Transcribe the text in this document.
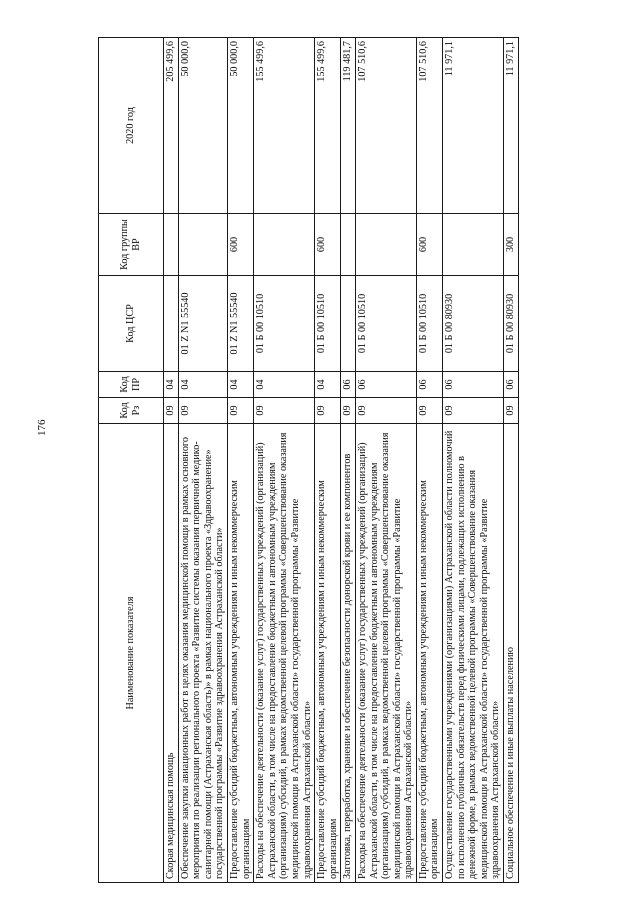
176
Наименование показателя	Код Рз	Код ПР	Код ЦСР	Код группы ВР	2020 год
Скорая медицинская помощь	09	04			205 499,6
Обеспечение закупки авиационных работ в целях оказания медицинской помощи в рамках основного мероприятия по реализации регионального проекта «Развитие системы оказания первичной медико-санитарной помощи (Астраханская область)» в рамках национального проекта «Здравоохранение» государственной программы «Развитие здравоохранения Астраханской области»	09	04	01 Z N1 55540		50 000,0
Предоставление субсидий бюджетным, автономным учреждениям и иным некоммерческим организациям	09	04	01 Z N1 55540	600	50 000,0
Расходы на обеспечение деятельности (оказание услуг) государственных учреждений (организаций) Астраханской области, в том числе на предоставление бюджетным и автономным учреждениям (организациям) субсидий, в рамках ведомственной целевой программы «Совершенствование оказания медицинской помощи в Астраханской области» государственной программы «Развитие здравоохранения Астраханской области»	09	04	01 Б 00 10510		155 499,6
Предоставление субсидий бюджетным, автономным учреждениям и иным некоммерческим организациям	09	04	01 Б 00 10510	600	155 499,6
Заготовка, переработка, хранение и обеспечение безопасности донорской крови и ее компонентов	09	06			119 481,7
Расходы на обеспечение деятельности (оказание услуг) государственных учреждений (организаций) Астраханской области, в том числе на предоставление бюджетным и автономным учреждениям (организациям) субсидий, в рамках ведомственной целевой программы «Совершенствование оказания медицинской помощи в Астраханской области» государственной программы «Развитие здравоохранения Астраханской области»	09	06	01 Б 00 10510		107 510,6
Предоставление субсидий бюджетным, автономным учреждениям и иным некоммерческим организациям	09	06	01 Б 00 10510	600	107 510,6
Осуществление государственными учреждениями (организациями) Астраханской области полномочий по исполнению публичных обязательств перед физическими лицами, подлежащих исполнению в денежной форме, в рамках ведомственной целевой программы «Совершенствование оказания медицинской помощи в Астраханской области» государственной программы «Развитие здравоохранения Астраханской области»	09	06	01 Б 00 80930		11 971,1
Социальное обеспечение и иные выплаты населению	09	06	01 Б 00 80930	300	11 971,1
